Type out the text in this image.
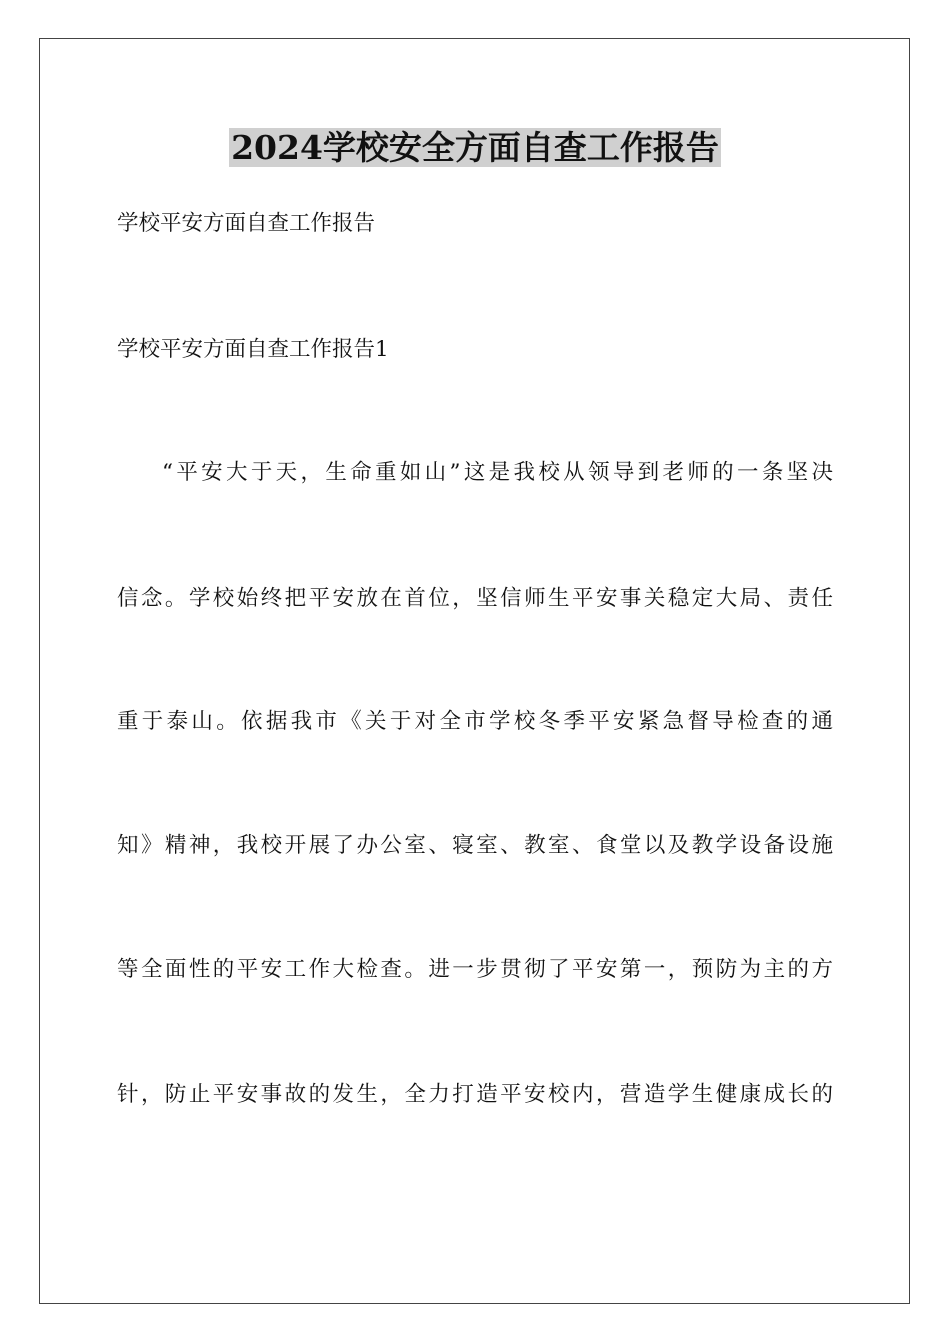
2024学校安全方面自查工作报告

学校平安方面自查工作报告

学校平安方面自查工作报告1

“平安大于天，生命重如山”这是我校从领导到老师的一条坚决

信念。学校始终把平安放在首位，坚信师生平安事关稳定大局、责任

重于泰山。依据我市《关于对全市学校冬季平安紧急督导检查的通

知》精神，我校开展了办公室、寝室、教室、食堂以及教学设备设施

等全面性的平安工作大检查。进一步贯彻了平安第一，预防为主的方

针，防止平安事故的发生，全力打造平安校内，营造学生健康成长的
